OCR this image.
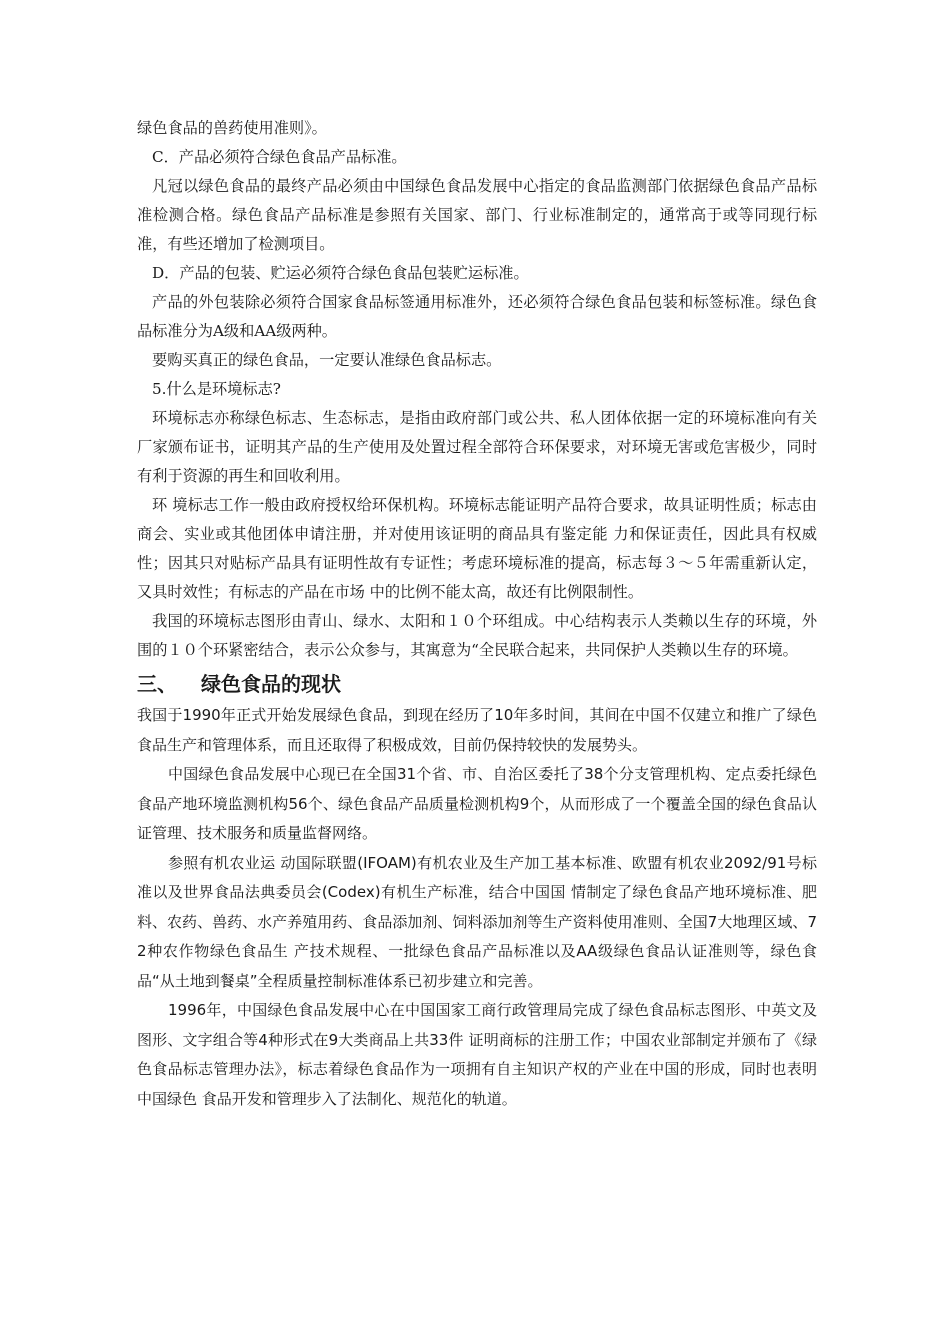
绿色食品的兽药使用准则》。

C．产品必须符合绿色食品产品标准。

凡冠以绿色食品的最终产品必须由中国绿色食品发展中心指定的食品监测部门依据绿色食品产品标准检测合格。绿色食品产品标准是参照有关国家、部门、行业标准制定的，通常高于或等同现行标准，有些还增加了检测项目。

D．产品的包装、贮运必须符合绿色食品包装贮运标准。

产品的外包装除必须符合国家食品标签通用标准外，还必须符合绿色食品包装和标签标准。绿色食品标准分为A级和AA级两种。

要购买真正的绿色食品，一定要认准绿色食品标志。

5.什么是环境标志?

环境标志亦称绿色标志、生态标志，是指由政府部门或公共、私人团体依据一定的环境标准向有关厂家颁布证书，证明其产品的生产使用及处置过程全部符合环保要求，对环境无害或危害极少，同时有利于资源的再生和回收利用。

环 境标志工作一般由政府授权给环保机构。环境标志能证明产品符合要求，故具证明性质；标志由商会、实业或其他团体申请注册，并对使用该证明的商品具有鉴定能 力和保证责任，因此具有权威性；因其只对贴标产品具有证明性故有专证性；考虑环境标准的提高，标志每３～５年需重新认定，又具时效性；有标志的产品在市场 中的比例不能太高，故还有比例限制性。

我国的环境标志图形由青山、绿水、太阳和１０个环组成。中心结构表示人类赖以生存的环境，外围的１０个环紧密结合，表示公众参与，其寓意为“全民联合起来，共同保护人类赖以生存的环境。

三、	绿色食品的现状

我国于1990年正式开始发展绿色食品，到现在经历了10年多时间，其间在中国不仅建立和推广了绿色食品生产和管理体系，而且还取得了积极成效，目前仍保持较快的发展势头。

中国绿色食品发展中心现已在全国31个省、市、自治区委托了38个分支管理机构、定点委托绿色食品产地环境监测机构56个、绿色食品产品质量检测机构9个，从而形成了一个覆盖全国的绿色食品认证管理、技术服务和质量监督网络。

参照有机农业运 动国际联盟(IFOAM)有机农业及生产加工基本标准、欧盟有机农业2092/91号标准以及世界食品法典委员会(Codex)有机生产标准，结合中国国 情制定了绿色食品产地环境标准、肥料、农药、兽药、水产养殖用药、食品添加剂、饲料添加剂等生产资料使用准则、全国7大地理区域、72种农作物绿色食品生 产技术规程、一批绿色食品产品标准以及AA级绿色食品认证准则等，绿色食品“从土地到餐桌”全程质量控制标准体系已初步建立和完善。

1996年，中国绿色食品发展中心在中国国家工商行政管理局完成了绿色食品标志图形、中英文及图形、文字组合等4种形式在9大类商品上共33件 证明商标的注册工作；中国农业部制定并颁布了《绿色食品标志管理办法》，标志着绿色食品作为一项拥有自主知识产权的产业在中国的形成，同时也表明中国绿色 食品开发和管理步入了法制化、规范化的轨道。
